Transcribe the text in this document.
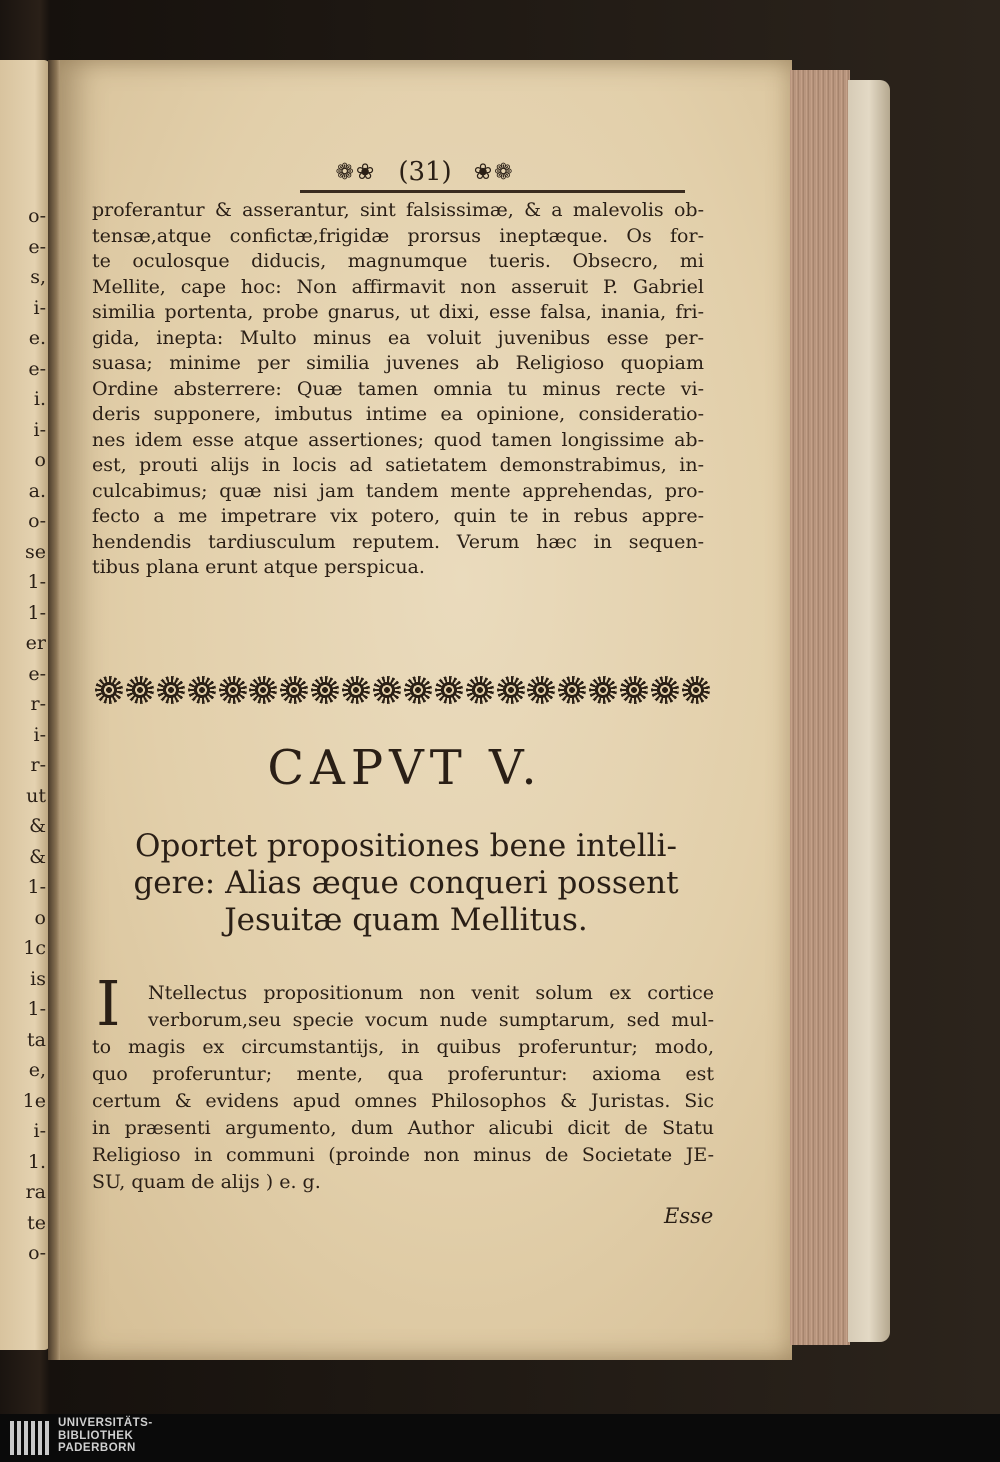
o-
e-
s,
i-
e.
e-
i.
i-
o
a.
o-
se
1-
1-
er
e-
r-
i-
r-
ut
&
&
1-
o
1c
is
1-
ta
e,
1e
i-
1.
ra
te
o-
❁❀ (31) ❀❁
proferantur & asserantur, sint falsissimæ, & a malevolis ob-
tensæ,atque confictæ,frigidæ prorsus ineptæque. Os for-
te oculosque diducis, magnumque tueris. Obsecro, mi
Mellite, cape hoc: Non affirmavit non asseruit P. Gabriel
similia portenta, probe gnarus, ut dixi, esse falsa, inania, fri-
gida, inepta: Multo minus ea voluit juvenibus esse per-
suasa; minime per similia juvenes ab Religioso quopiam
Ordine absterrere: Quæ tamen omnia tu minus recte vi-
deris supponere, imbutus intime ea opinione, consideratio-
nes idem esse atque assertiones; quod tamen longissime ab-
est, prouti alijs in locis ad satietatem demonstrabimus, in-
culcabimus; quæ nisi jam tandem mente apprehendas, pro-
fecto a me impetrare vix potero, quin te in rebus appre-
hendendis tardiusculum reputem. Verum hæc in sequen-
tibus plana erunt atque perspicua.
CAPVT V.
Oportet propositiones bene intelli-
gere: Alias æque conqueri possent
Jesuitæ quam Mellitus.
I	Ntellectus propositionum non venit solum ex cortice
verborum,seu specie vocum nude sumptarum, sed mul-
to magis ex circumstantijs, in quibus proferuntur; modo,
quo proferuntur; mente, qua proferuntur: axioma est
certum & evidens apud omnes Philosophos & Juristas. Sic
in præsenti argumento, dum Author alicubi dicit de Statu
Religioso in communi (proinde non minus de Societate JE-
SU, quam de alijs ) e. g.
Esse
UNIVERSITÄTS-
BIBLIOTHEK
PADERBORN
